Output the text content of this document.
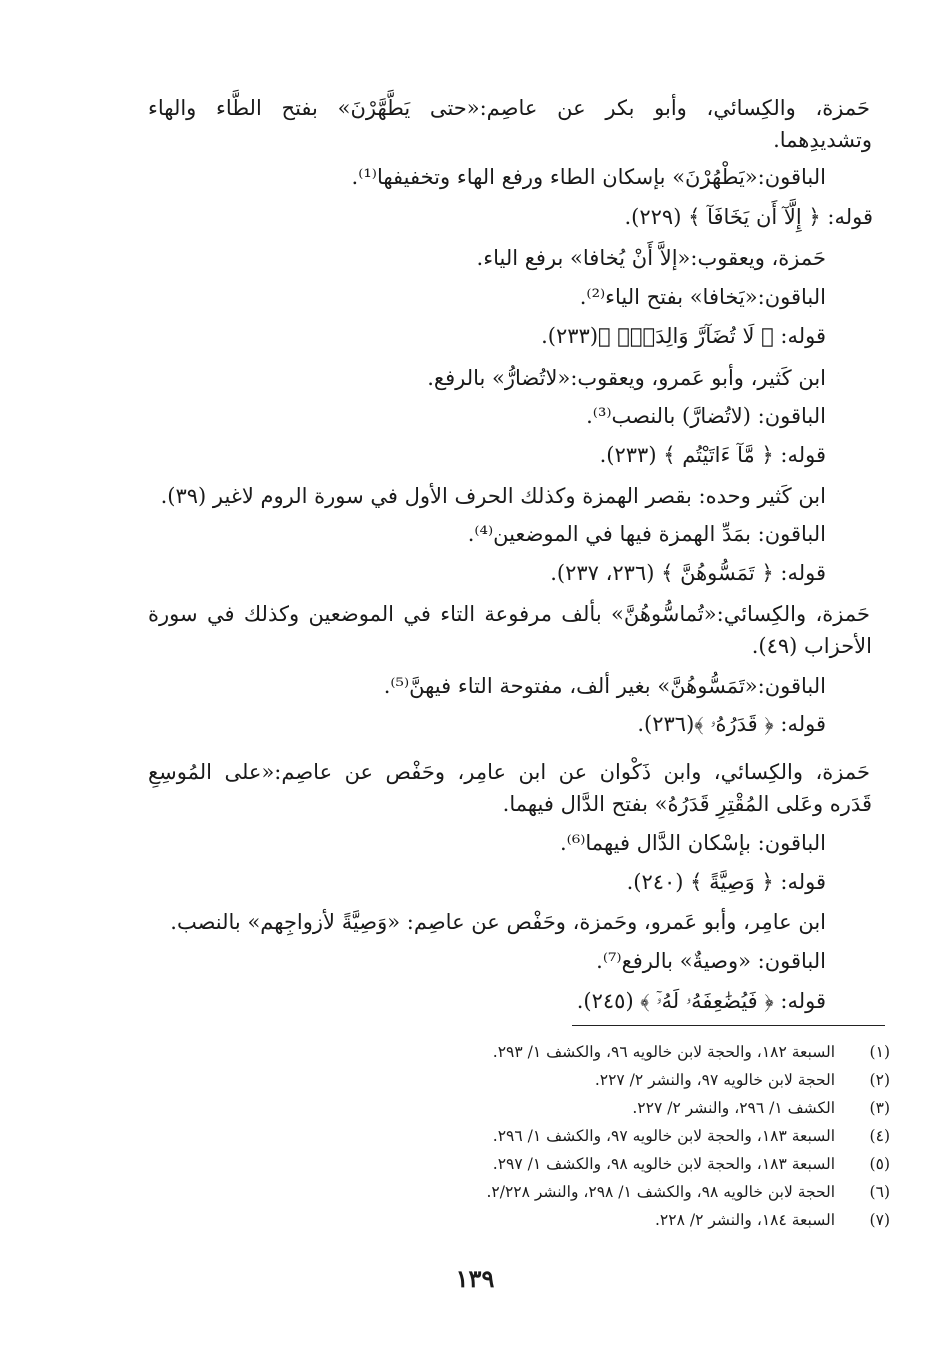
حَمزة، والكِسائي، وأبو بكر عن عاصِم:«حتى يَطَّهَّرْنَ» بفتح الطَّاء والهاء
وتشديدِهما.
الباقون:«يَطْهُرْنَ» بإسكان الطاء ورفع الهاء وتخفيفها⁽¹⁾.
قوله: ﴿ إِلَّآ أَن يَخَافَآ ﴾ (٢٢٩).
حَمزة، ويعقوب:«إلاَّ أَنْ يُخافا» برفع الياء.
الباقون:«يَخافا» بفتح الياء⁽²⁾.
قوله: ﴿ لَا تُضَآرَّ وَالِدَةُۢ ﴾(٢٣٣).
ابن كَثير، وأبو عَمرو، ويعقوب:«لاتُضارُّ» بالرفع.
الباقون: (لاتُضارَّ) بالنصب⁽³⁾.
قوله: ﴿ مَّآ ءَاتَيْتُم ﴾ (٢٣٣).
ابن كَثير وحده: بقصر الهمزة وكذلك الحرف الأول في سورة الروم لاغير (٣٩).
الباقون: بمَدِّ الهمزة فيها في الموضعين⁽⁴⁾.
قوله: ﴿ تَمَسُّوهُنَّ ﴾ (٢٣٦، ٢٣٧).
حَمزة، والكِسائي:«تُماسُّوهُنَّ» بألف مرفوعة التاء في الموضعين وكذلك في سورة
الأحزاب (٤٩).
الباقون:«تَمَسُّوهُنَّ» بغير ألف، مفتوحة التاء فيهنَّ⁽⁵⁾.
قوله: ﴿ قَدَرُهُۥ ﴾(٢٣٦).
حَمزة، والكِسائي، وابن ذَكْوان عن ابن عامِر، وحَفْص عن عاصِم:«على المُوسِعِ
قَدَره وعَلى المُقْتِرِ قَدَرُهُ» بفتح الدَّال فيهما.
الباقون: بإسْكان الدَّال فيهما⁽⁶⁾.
قوله: ﴿ وَصِيَّةً ﴾ (٢٤٠).
ابن عامِر، وأبو عَمرو، وحَمزة، وحَفْص عن عاصِم: «وَصِيَّةً لأزواجِهم» بالنصب.
الباقون: «وصيةٌ» بالرفع⁽⁷⁾.
قوله: ﴿ فَيُضَٰعِفَهُۥ لَهُۥٓ ﴾ (٢٤٥).
(١) السبعة ١٨٢، والحجة لابن خالويه ٩٦، والكشف ١/ ٢٩٣.
(٢) الحجة لابن خالويه ٩٧، والنشر ٢/ ٢٢٧.
(٣) الكشف ١/ ٢٩٦، والنشر ٢/ ٢٢٧.
(٤) السبعة ١٨٣، والحجة لابن خالويه ٩٧، والكشف ١/ ٢٩٦.
(٥) السبعة ١٨٣، والحجة لابن خالويه ٩٨، والكشف ١/ ٢٩٧.
(٦) الحجة لابن خالويه ٩٨، والكشف ١/ ٢٩٨، والنشر ٢/٢٢٨.
(٧) السبعة ١٨٤، والنشر ٢/ ٢٢٨.
١٣٩
